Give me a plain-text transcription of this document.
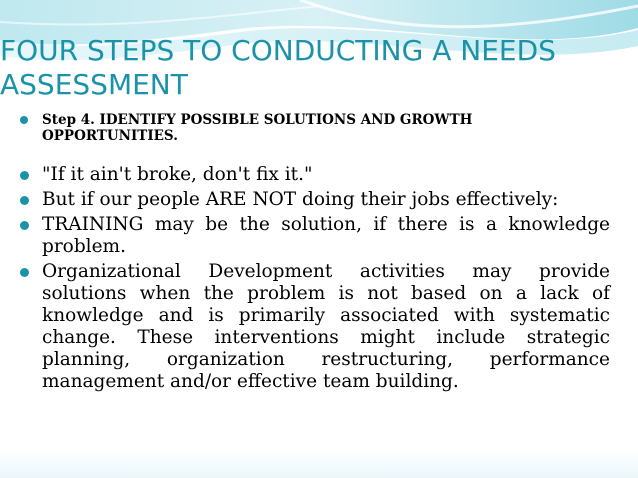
FOUR STEPS TO CONDUCTING A NEEDS ASSESSMENT
Step 4. IDENTIFY POSSIBLE SOLUTIONS AND GROWTH OPPORTUNITIES.
"If it ain't broke, don't fix it."
But if our people ARE NOT doing their jobs effectively:
TRAINING may be the solution, if there is a knowledge problem.
Organizational Development activities may provide solutions when the problem is not based on a lack of knowledge and is primarily associated with systematic change. These interventions might include strategic planning, organization restructuring, performance management and/or effective team building.
